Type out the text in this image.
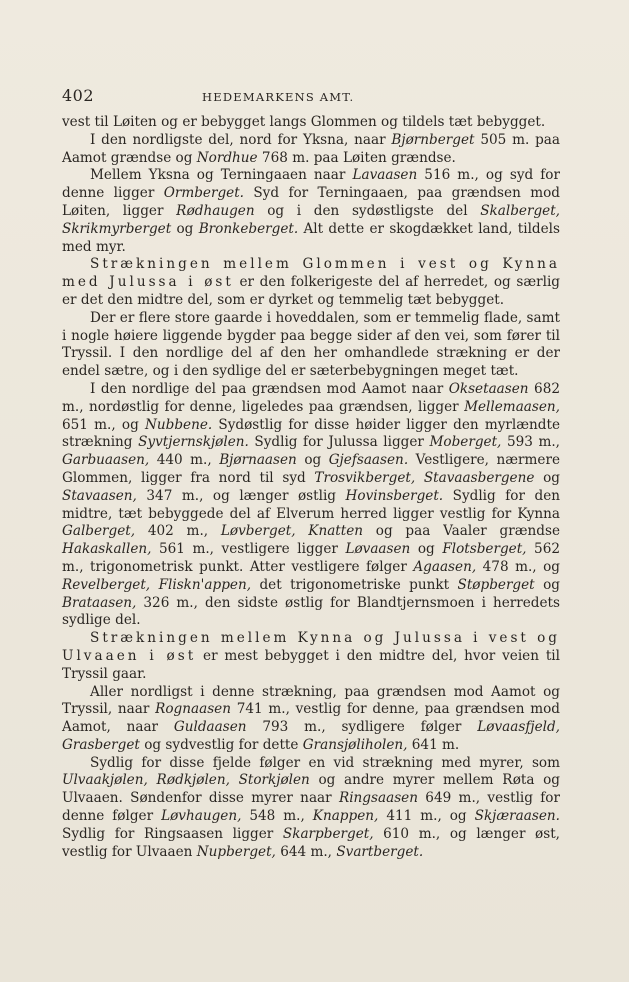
402	HEDEMARKENS AMT.

vest til Løiten og er bebygget langs Glommen og tildels tæt bebygget.

I den nordligste del, nord for Yksna, naar Bjørnberget 505 m. paa Aamot grændse og Nordhue 768 m. paa Løiten grændse.

Mellem Yksna og Terningaaen naar Lavaasen 516 m., og syd for denne ligger Ormberget. Syd for Terningaaen, paa grændsen mod Løiten, ligger Rødhaugen og i den sydøstligste del Skalberget, Skrikmyrberget og Bronkeberget. Alt dette er skogdækket land, tildels med myr.

Strækningen mellem Glommen i vest og Kynna med Julussa i øst er den folkerigeste del af herredet, og særlig er det den midtre del, som er dyrket og temmelig tæt bebygget.

Der er flere store gaarde i hoveddalen, som er temmelig flade, samt i nogle høiere liggende bygder paa begge sider af den vei, som fører til Tryssil. I den nordlige del af den her omhandlede strækning er der endel sætre, og i den sydlige del er sæterbebygningen meget tæt.

I den nordlige del paa grændsen mod Aamot naar Oksetaasen 682 m., nordøstlig for denne, ligeledes paa grændsen, ligger Mellemaasen, 651 m., og Nubbene. Sydøstlig for disse høider ligger den myrlændte strækning Syvtjernskjølen. Sydlig for Julussa ligger Moberget, 593 m., Garbuaasen, 440 m., Bjørnaasen og Gjefsaasen. Vestligere, nærmere Glommen, ligger fra nord til syd Trosvikberget, Stavaasbergene og Stavaasen, 347 m., og længer østlig Hovinsberget. Sydlig for den midtre, tæt bebyggede del af Elverum herred ligger vestlig for Kynna Galberget, 402 m., Løvberget, Knatten og paa Vaaler grændse Hakaskallen, 561 m., vestligere ligger Løvaasen og Flotsberget, 562 m., trigonometrisk punkt. Atter vestligere følger Agaasen, 478 m., og Revelberget, Fliskn'appen, det trigonometriske punkt Støpberget og Brataasen, 326 m., den sidste østlig for Blandtjernsmoen i herredets sydlige del.

Strækningen mellem Kynna og Julussa i vest og Ulvaaen i øst er mest bebygget i den midtre del, hvor veien til Tryssil gaar.

Aller nordligst i denne strækning, paa grændsen mod Aamot og Tryssil, naar Rognaasen 741 m., vestlig for denne, paa grændsen mod Aamot, naar Guldaasen 793 m., sydligere følger Løvaasfjeld, Grasberget og sydvestlig for dette Gransjøliholen, 641 m.

Sydlig for disse fjelde følger en vid strækning med myrer, som Ulvaakjølen, Rødkjølen, Storkjølen og andre myrer mellem Røta og Ulvaaen. Søndenfor disse myrer naar Ringsaasen 649 m., vestlig for denne følger Løvhaugen, 548 m., Knappen, 411 m., og Skjæraasen. Sydlig for Ringsaasen ligger Skarpberget, 610 m., og længer øst, vestlig for Ulvaaen Nupberget, 644 m., Svartberget.
